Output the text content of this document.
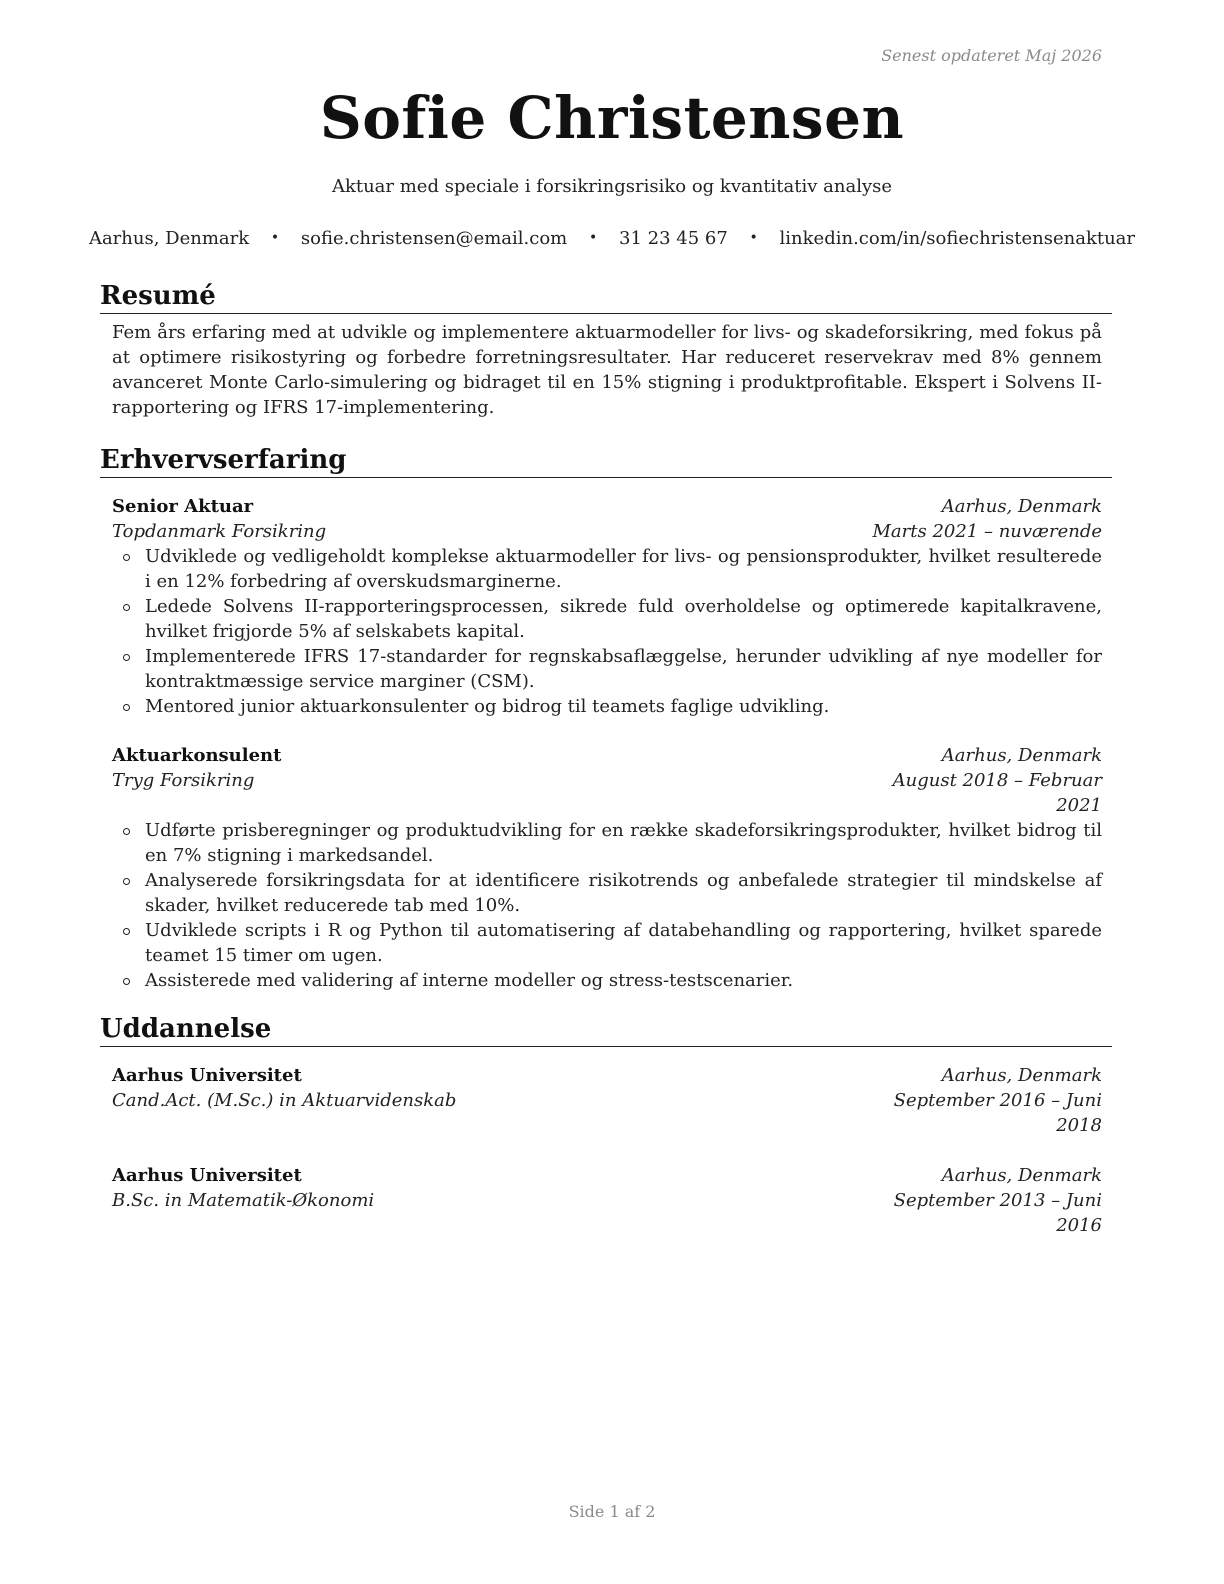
Senest opdateret Maj 2026
Sofie Christensen
Aktuar med speciale i forsikringsrisiko og kvantitativ analyse
Aarhus, Denmark • sofie.christensen@email.com • 31 23 45 67 • linkedin.com/in/sofiechristensenaktuar
Resumé

Fem års erfaring med at udvikle og implementere aktuarmodeller for livs- og skadeforsikring, med fokus på at optimere risikostyring og forbedre forretningsresultater. Har reduceret reservekrav med 8% gennem avanceret Monte Carlo-simulering og bidraget til en 15% stigning i produktprofitable. Ekspert i Solvens II-rapportering og IFRS 17-implementering.

Erhvervserfaring
Senior Aktuar	Aarhus, Denmark
Topdanmark Forsikring	Marts 2021 – nuværende
Udviklede og vedligeholdt komplekse aktuarmodeller for livs- og pensionsprodukter, hvilket resulterede i en 12% forbedring af overskudsmarginerne.
Ledede Solvens II-rapporteringsprocessen, sikrede fuld overholdelse og optimerede kapitalkravene, hvilket frigjorde 5% af selskabets kapital.
Implementerede IFRS 17-standarder for regnskabsaflæggelse, herunder udvikling af nye modeller for kontraktmæssige service marginer (CSM).
Mentored junior aktuarkonsulenter og bidrog til teamets faglige udvikling.
Aktuarkonsulent	Aarhus, Denmark
Tryg Forsikring	August 2018 – Februar 2021
Udførte prisberegninger og produktudvikling for en række skadeforsikringsprodukter, hvilket bidrog til en 7% stigning i markedsandel.
Analyserede forsikringsdata for at identificere risikotrends og anbefalede strategier til mindskelse af skader, hvilket reducerede tab med 10%.
Udviklede scripts i R og Python til automatisering af databehandling og rapportering, hvilket sparede teamet 15 timer om ugen.
Assisterede med validering af interne modeller og stress-testscenarier.
Uddannelse
Aarhus Universitet	Aarhus, Denmark
Cand.Act. (M.Sc.) in Aktuarvidenskab	September 2016 – Juni 2018
Aarhus Universitet	Aarhus, Denmark
B.Sc. in Matematik-Økonomi	September 2013 – Juni 2016
Side 1 af 2
